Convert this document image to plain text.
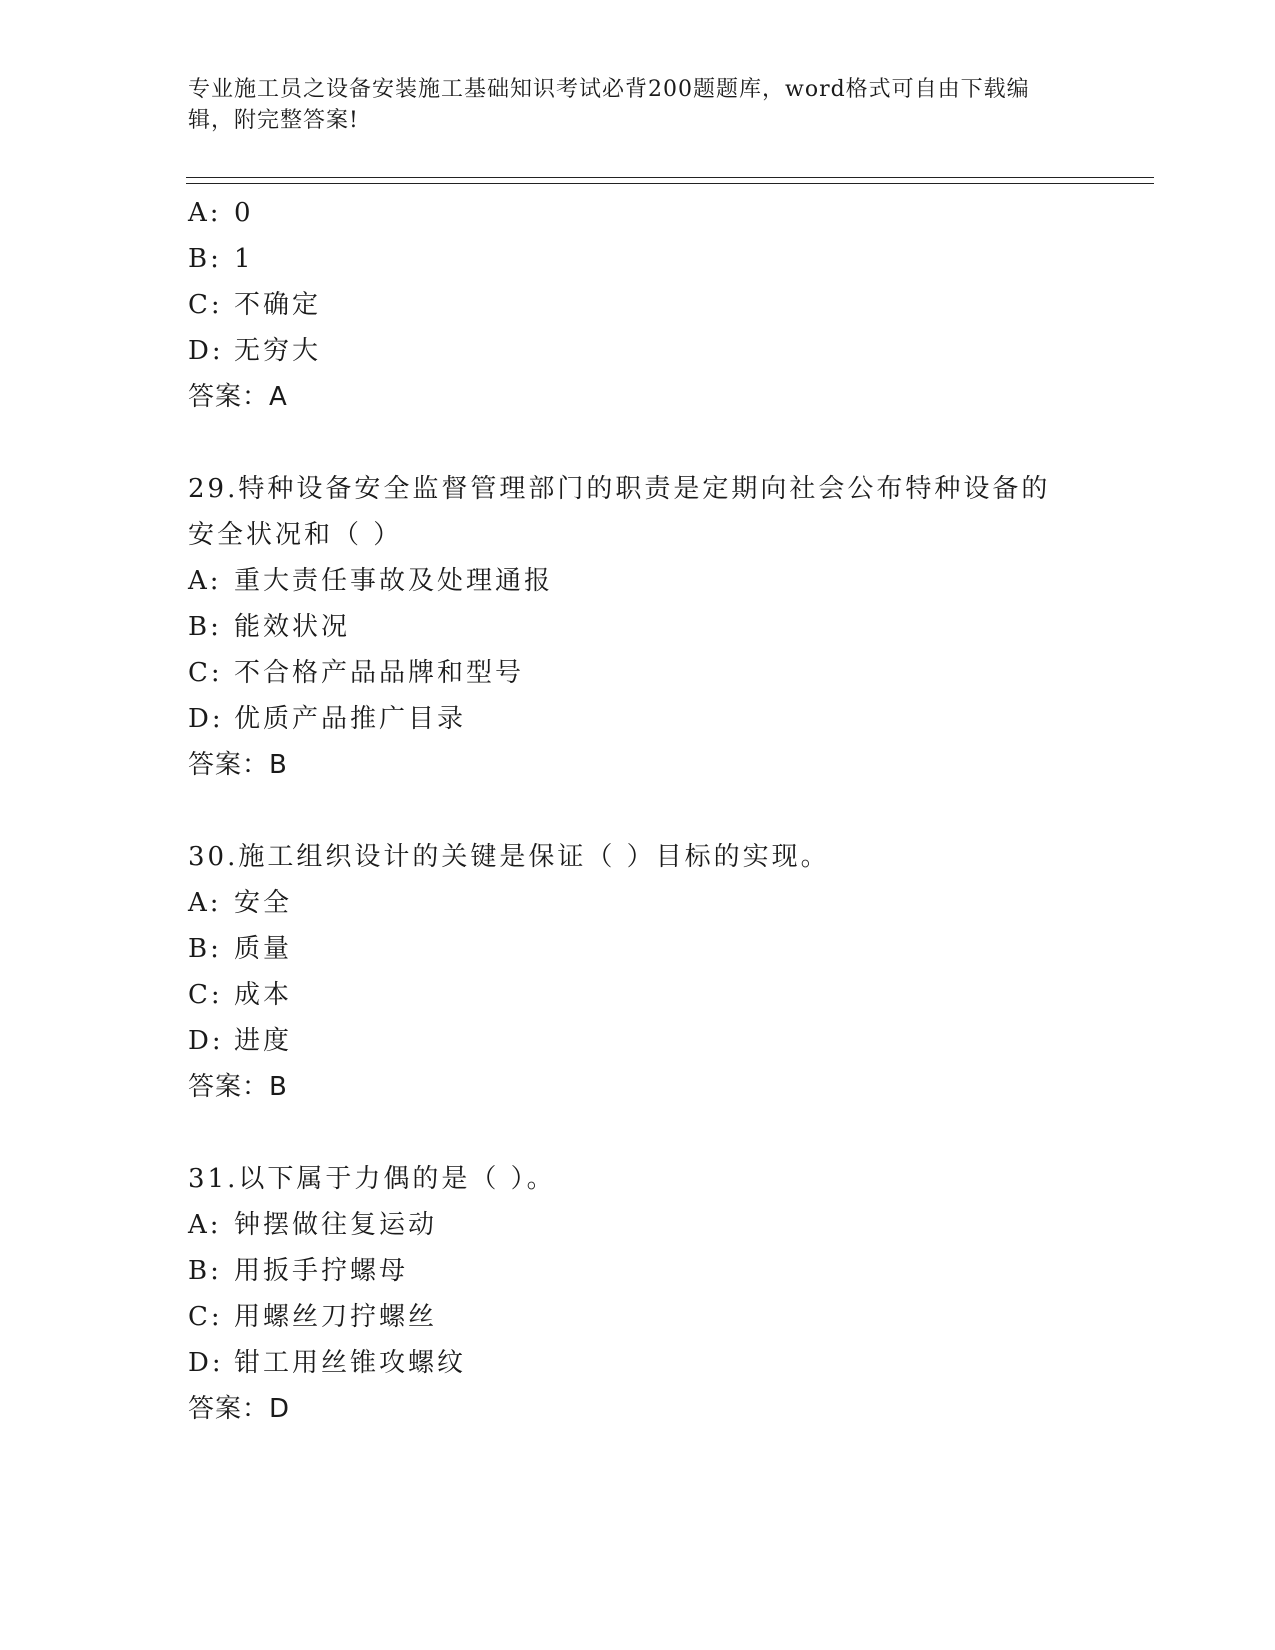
专业施工员之设备安装施工基础知识考试必背200题题库，word格式可自由下载编辑，附完整答案!
A: 0
B: 1
C: 不确定
D: 无穷大
答案：A
29.特种设备安全监督管理部门的职责是定期向社会公布特种设备的安全状况和（ ）
A: 重大责任事故及处理通报
B: 能效状况
C: 不合格产品品牌和型号
D: 优质产品推广目录
答案：B
30.施工组织设计的关键是保证（ ）目标的实现。
A: 安全
B: 质量
C: 成本
D: 进度
答案：B
31.以下属于力偶的是（ ）。
A: 钟摆做往复运动
B: 用扳手拧螺母
C: 用螺丝刀拧螺丝
D: 钳工用丝锥攻螺纹
答案：D
